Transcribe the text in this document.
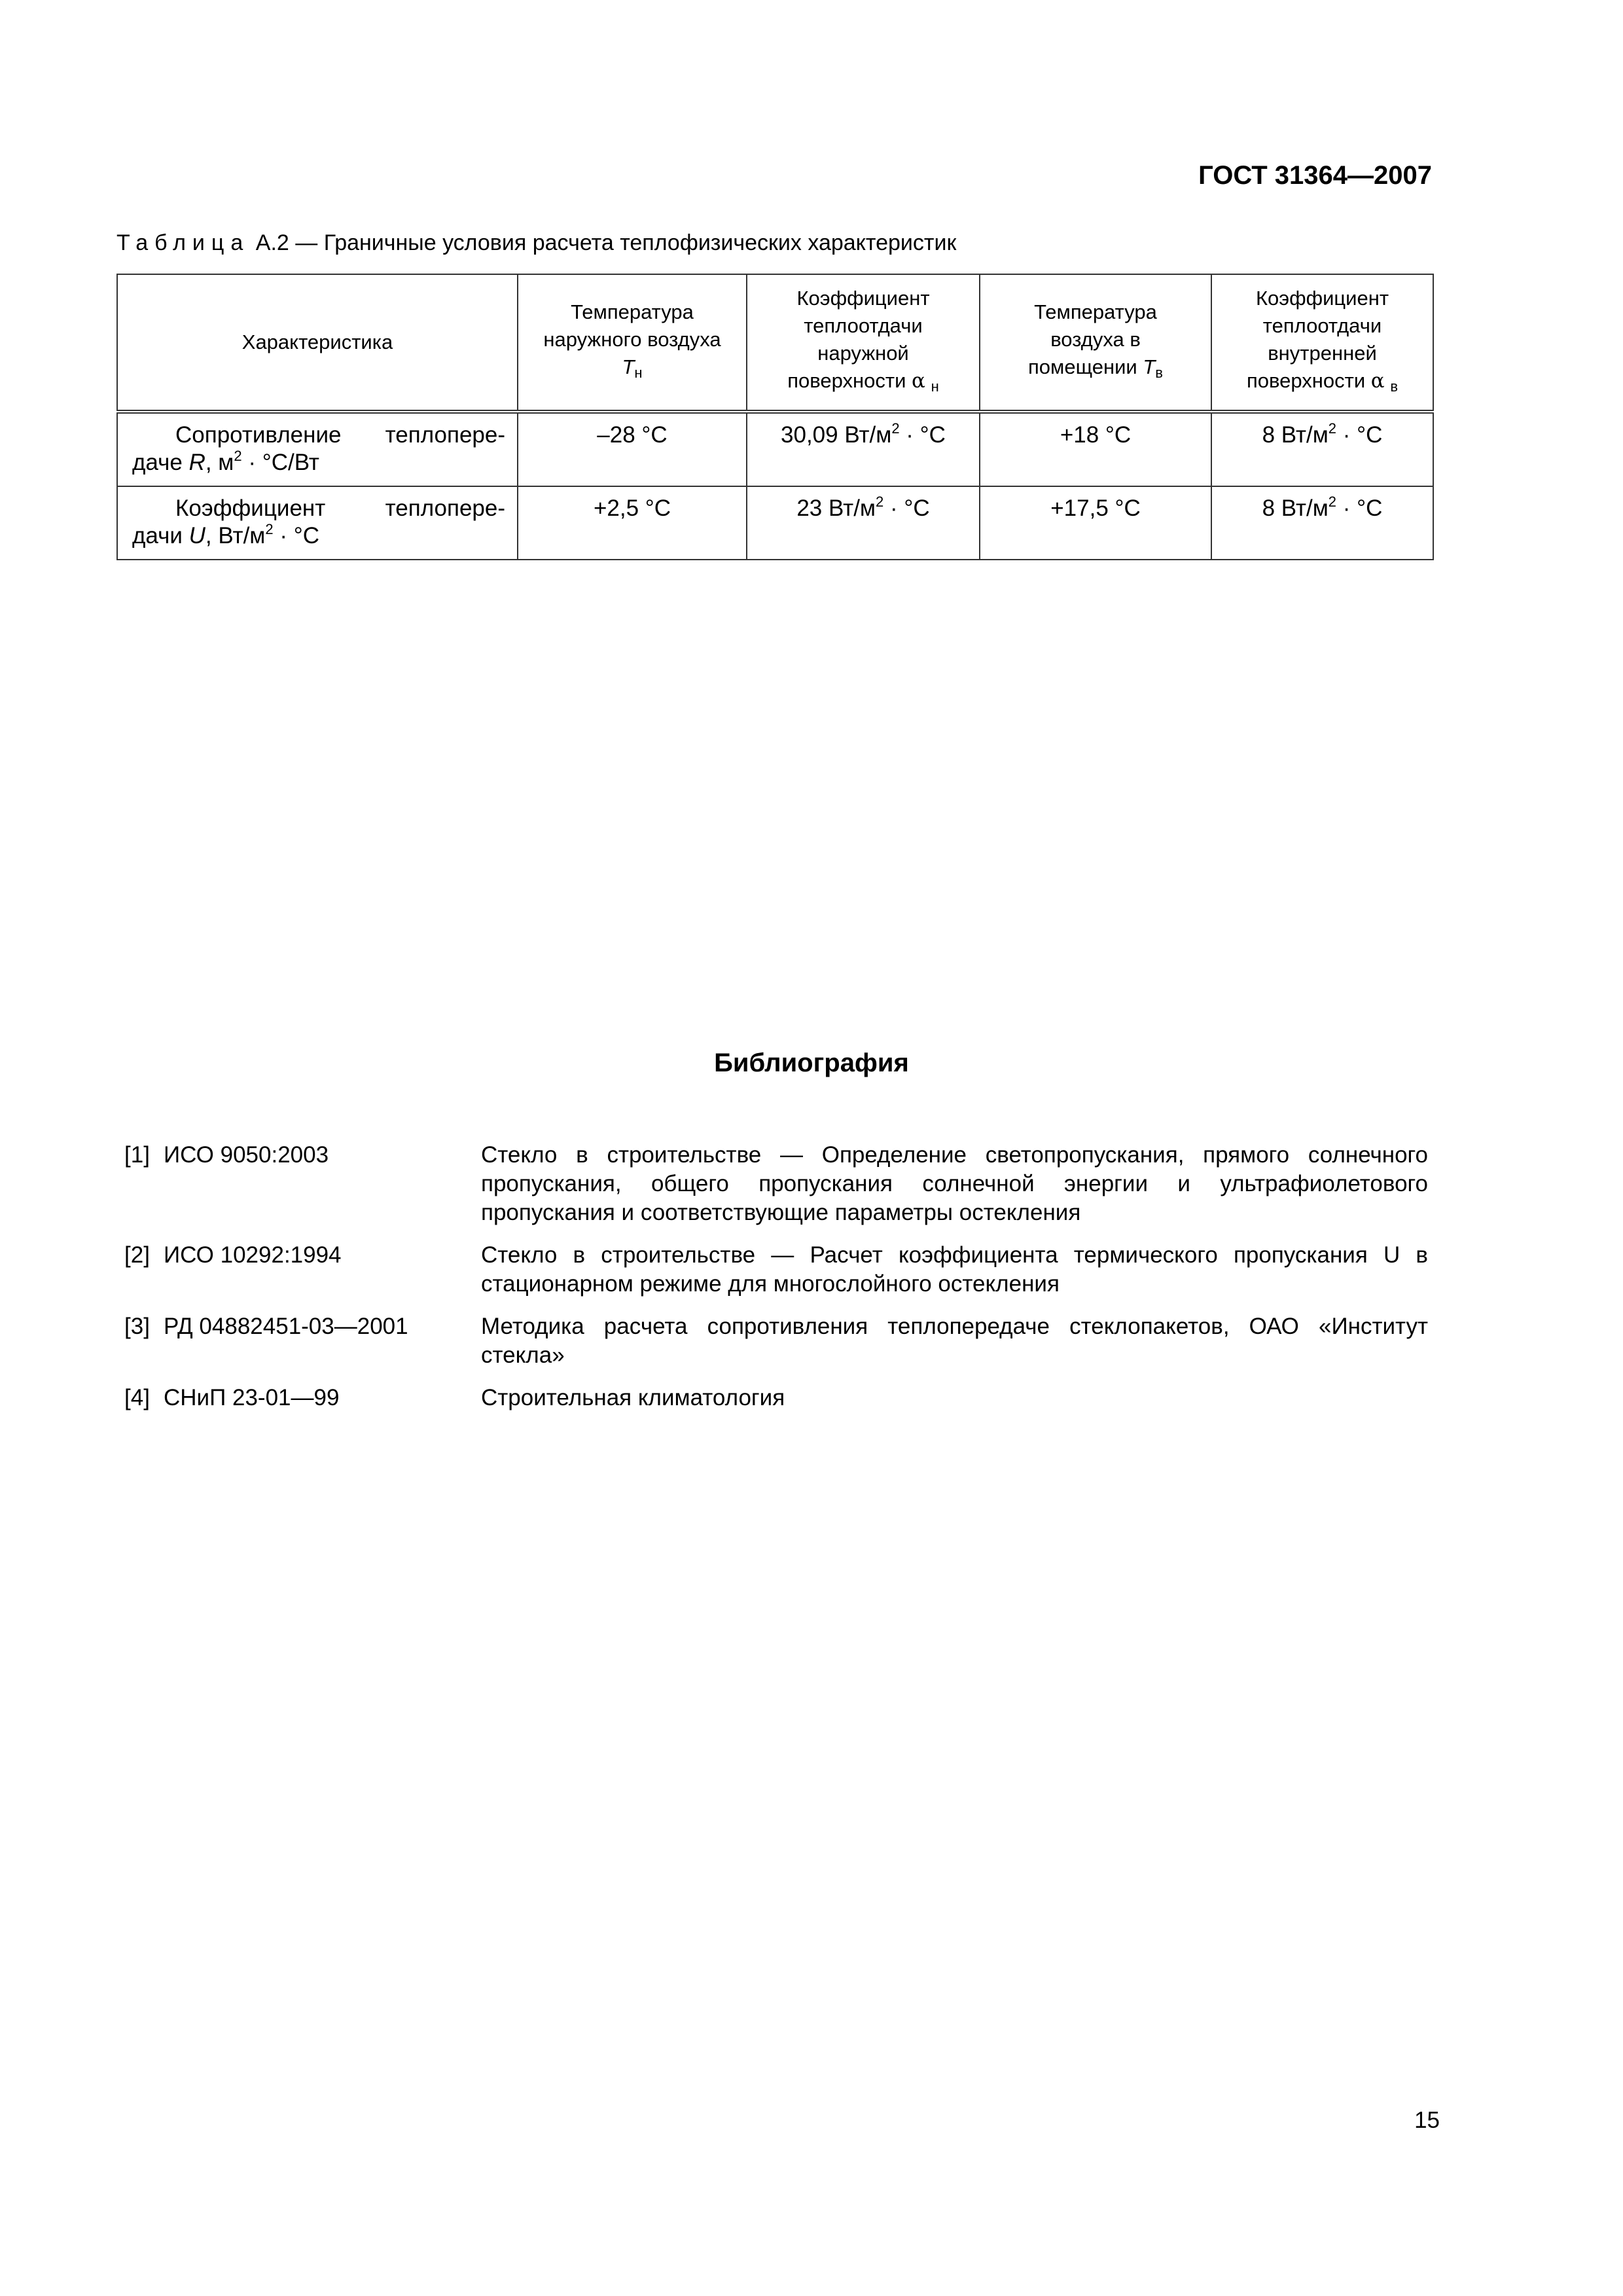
ГОСТ 31364—2007
Таблица А.2 — Граничные условия расчета теплофизических характеристик
Характеристика	Температура
наружного воздуха
$Т_н$	Коэффициент
теплоотдачи
наружной
поверхности α $_н$	Температура
воздуха в
помещении $Т_в$	Коэффициент
теплоотдачи
внутренней
поверхности α $_в$

Сопротивление теплопере-
даче R, $м^2 \cdot ^\circ С/Вт$	–28 °С	30,09 $Вт/м^2 \cdot ^\circ С$	+18 °С	8 $Вт/м^2 \cdot ^\circ С$

Коэффициент теплопере-
дачи U, $Вт/м^2 \cdot ^\circ С$	+2,5 °С	23 $Вт/м^2 \cdot ^\circ С$	+17,5 °С	8 $Вт/м^2 \cdot ^\circ С$
Библиография
[1] ИСО 9050:2003	Стекло в строительстве — Определение светопропускания, прямого солнечного пропускания, общего пропускания солнечной энергии и ультрафиолетового пропускания и соответствующие параметры остекления
[2] ИСО 10292:1994	Стекло в строительстве — Расчет коэффициента термического пропускания U в стационарном режиме для многослойного остекления
[3] РД 04882451-03—2001	Методика расчета сопротивления теплопередаче стеклопакетов, ОАО «Институт стекла»
[4] СНиП 23-01—99	Строительная климатология
15
